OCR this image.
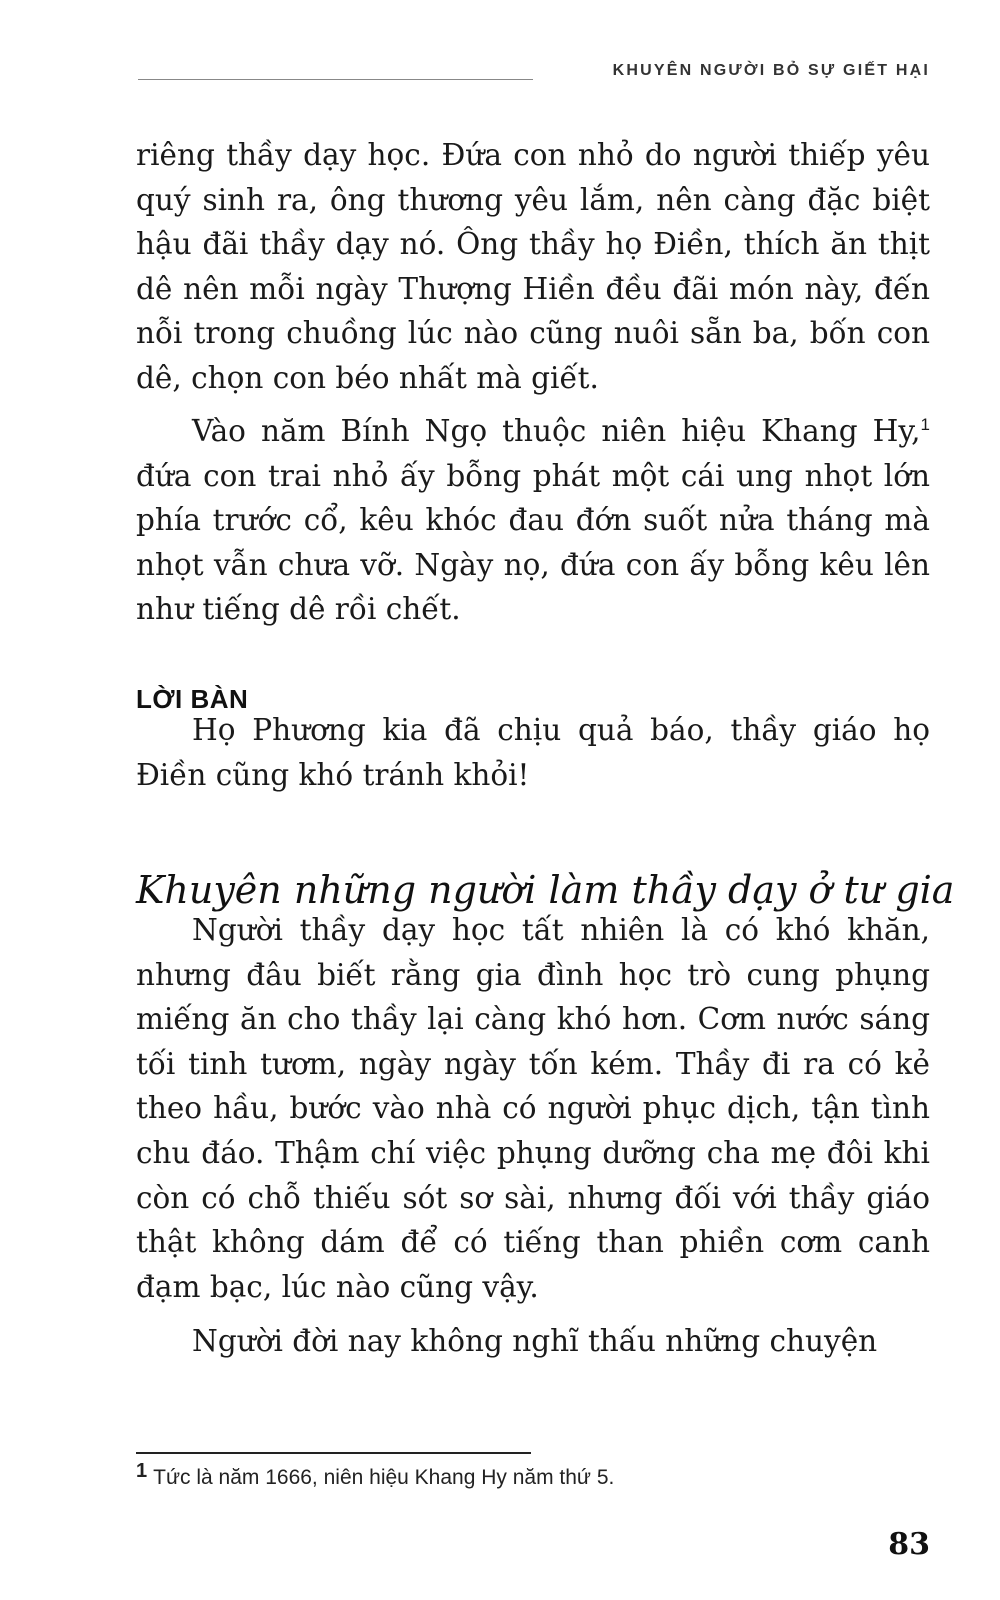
KHUYÊN NGƯỜI BỎ SỰ GIẾT HẠI

riêng thầy dạy học. Đứa con nhỏ do người thiếp yêu quý sinh ra, ông thương yêu lắm, nên càng đặc biệt hậu đãi thầy dạy nó. Ông thầy họ Điền, thích ăn thịt dê nên mỗi ngày Thượng Hiền đều đãi món này, đến nỗi trong chuồng lúc nào cũng nuôi sẵn ba, bốn con dê, chọn con béo nhất mà giết.

Vào năm Bính Ngọ thuộc niên hiệu Khang Hy,$^1$ đứa con trai nhỏ ấy bỗng phát một cái ung nhọt lớn phía trước cổ, kêu khóc đau đớn suốt nửa tháng mà nhọt vẫn chưa vỡ. Ngày nọ, đứa con ấy bỗng kêu lên như tiếng dê rồi chết.

LỜI BÀN

Họ Phương kia đã chịu quả báo, thầy giáo họ Điền cũng khó tránh khỏi!

Khuyên những người làm thầy dạy ở tư gia

Người thầy dạy học tất nhiên là có khó khăn, nhưng đâu biết rằng gia đình học trò cung phụng miếng ăn cho thầy lại càng khó hơn. Cơm nước sáng tối tinh tươm, ngày ngày tốn kém. Thầy đi ra có kẻ theo hầu, bước vào nhà có người phục dịch, tận tình chu đáo. Thậm chí việc phụng dưỡng cha mẹ đôi khi còn có chỗ thiếu sót sơ sài, nhưng đối với thầy giáo thật không dám để có tiếng than phiền cơm canh đạm bạc, lúc nào cũng vậy.

Người đời nay không nghĩ thấu những chuyện

1 Tức là năm 1666, niên hiệu Khang Hy năm thứ 5.
83
